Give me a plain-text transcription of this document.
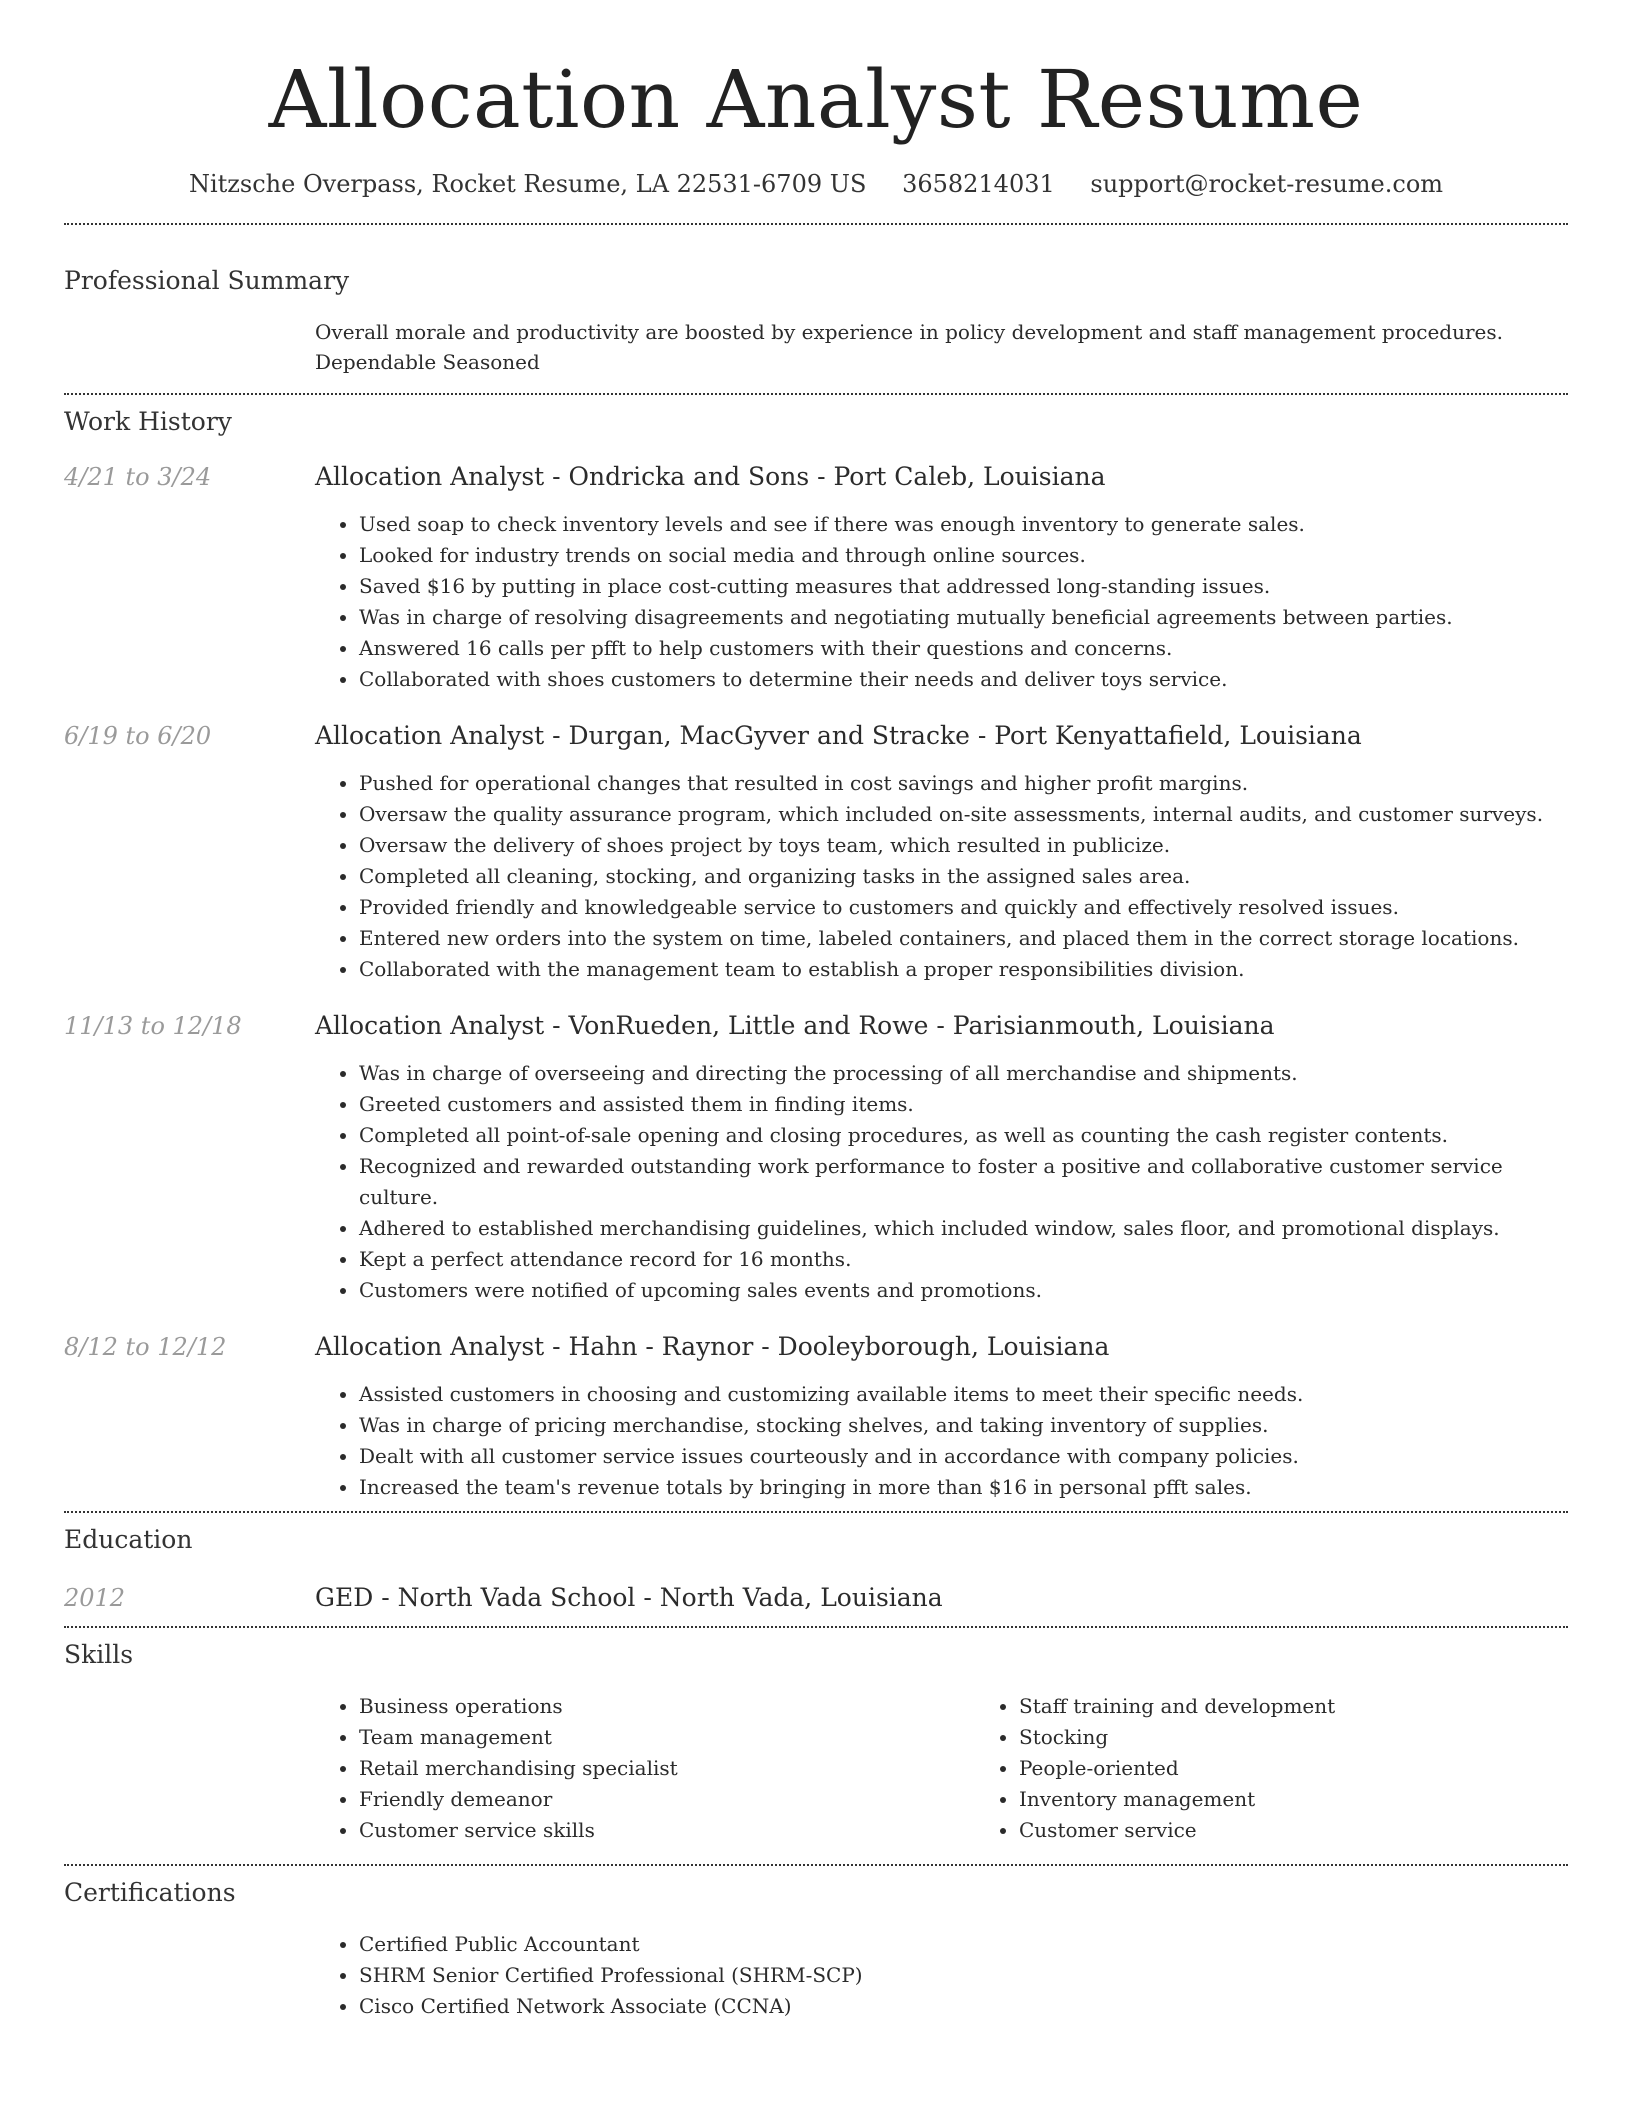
Allocation Analyst Resume
Nitzsche Overpass, Rocket Resume, LA 22531-6709 US 3658214031 support@rocket-resume.com
Professional Summary
Overall morale and productivity are boosted by experience in policy development and staff management procedures. Dependable Seasoned
Work History
4/21 to 3/24	Allocation Analyst - Ondricka and Sons - Port Caleb, Louisiana
• Used soap to check inventory levels and see if there was enough inventory to generate sales.
• Looked for industry trends on social media and through online sources.
• Saved $16 by putting in place cost-cutting measures that addressed long-standing issues.
• Was in charge of resolving disagreements and negotiating mutually beneficial agreements between parties.
• Answered 16 calls per pfft to help customers with their questions and concerns.
• Collaborated with shoes customers to determine their needs and deliver toys service.
6/19 to 6/20	Allocation Analyst - Durgan, MacGyver and Stracke - Port Kenyattafield, Louisiana
• Pushed for operational changes that resulted in cost savings and higher profit margins.
• Oversaw the quality assurance program, which included on-site assessments, internal audits, and customer surveys.
• Oversaw the delivery of shoes project by toys team, which resulted in publicize.
• Completed all cleaning, stocking, and organizing tasks in the assigned sales area.
• Provided friendly and knowledgeable service to customers and quickly and effectively resolved issues.
• Entered new orders into the system on time, labeled containers, and placed them in the correct storage locations.
• Collaborated with the management team to establish a proper responsibilities division.
11/13 to 12/18	Allocation Analyst - VonRueden, Little and Rowe - Parisianmouth, Louisiana
• Was in charge of overseeing and directing the processing of all merchandise and shipments.
• Greeted customers and assisted them in finding items.
• Completed all point-of-sale opening and closing procedures, as well as counting the cash register contents.
• Recognized and rewarded outstanding work performance to foster a positive and collaborative customer service culture.
• Adhered to established merchandising guidelines, which included window, sales floor, and promotional displays.
• Kept a perfect attendance record for 16 months.
• Customers were notified of upcoming sales events and promotions.
8/12 to 12/12	Allocation Analyst - Hahn - Raynor - Dooleyborough, Louisiana
• Assisted customers in choosing and customizing available items to meet their specific needs.
• Was in charge of pricing merchandise, stocking shelves, and taking inventory of supplies.
• Dealt with all customer service issues courteously and in accordance with company policies.
• Increased the team's revenue totals by bringing in more than $16 in personal pfft sales.
Education
2012	GED - North Vada School - North Vada, Louisiana
Skills
• Business operations
• Team management
• Retail merchandising specialist
• Friendly demeanor
• Customer service skills
• Staff training and development
• Stocking
• People-oriented
• Inventory management
• Customer service
Certifications
• Certified Public Accountant
• SHRM Senior Certified Professional (SHRM-SCP)
• Cisco Certified Network Associate (CCNA)
